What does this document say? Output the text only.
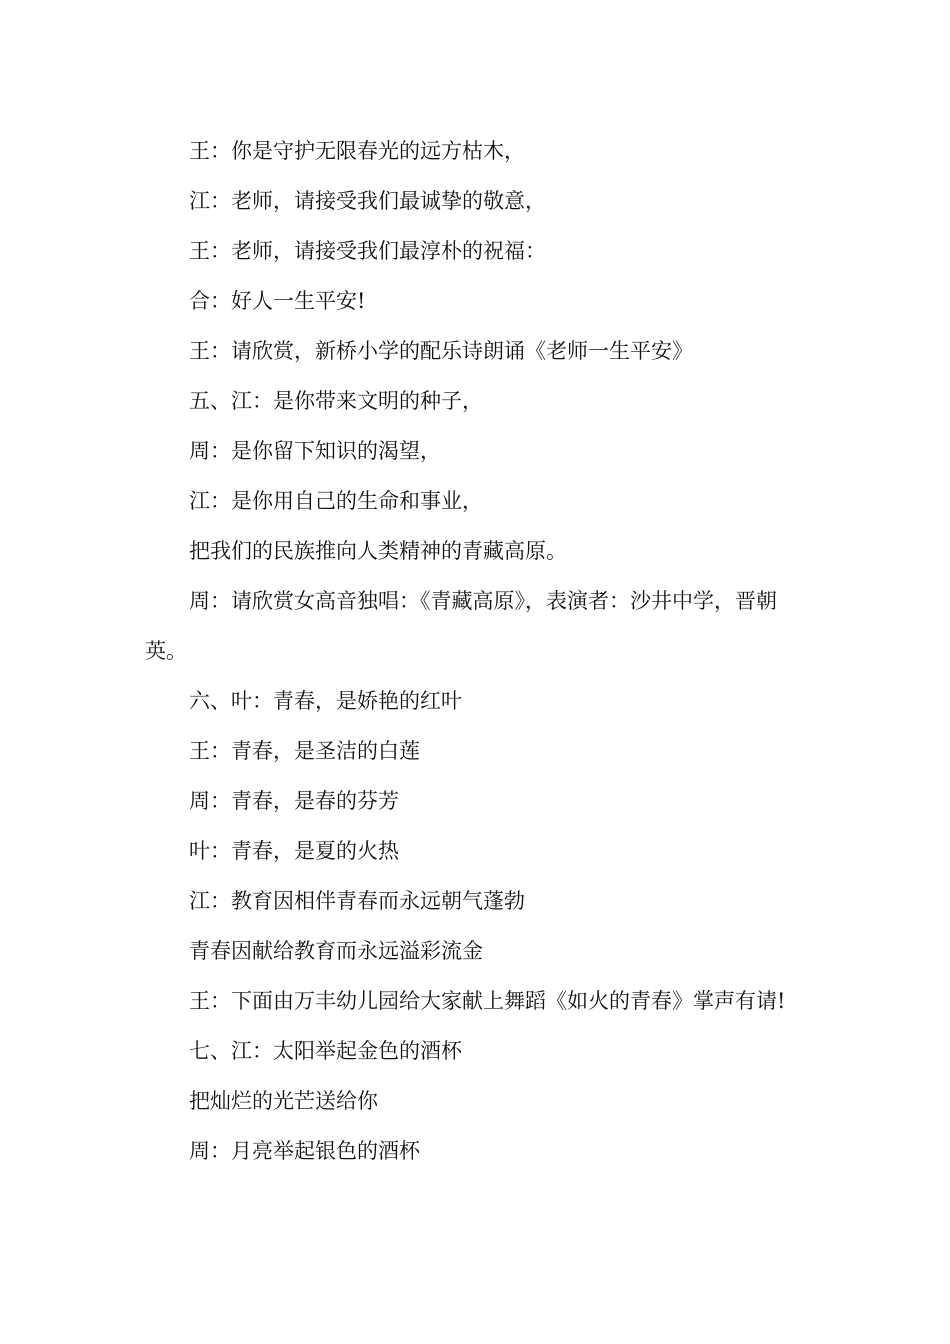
王：你是守护无限春光的远方枯木，

江：老师，请接受我们最诚挚的敬意，

王：老师，请接受我们最淳朴的祝福：

合：好人一生平安!

王：请欣赏，新桥小学的配乐诗朗诵《老师一生平安》

五、江：是你带来文明的种子，

周：是你留下知识的渴望，

江：是你用自己的生命和事业，

把我们的民族推向人类精神的青藏高原。

周：请欣赏女高音独唱：《青藏高原》，表演者：沙井中学，晋朝英。

六、叶：青春，是娇艳的红叶

王：青春，是圣洁的白莲

周：青春，是春的芬芳

叶：青春，是夏的火热

江：教育因相伴青春而永远朝气蓬勃

青春因献给教育而永远溢彩流金

王：下面由万丰幼儿园给大家献上舞蹈《如火的青春》掌声有请!

七、江：太阳举起金色的酒杯

把灿烂的光芒送给你

周：月亮举起银色的酒杯
